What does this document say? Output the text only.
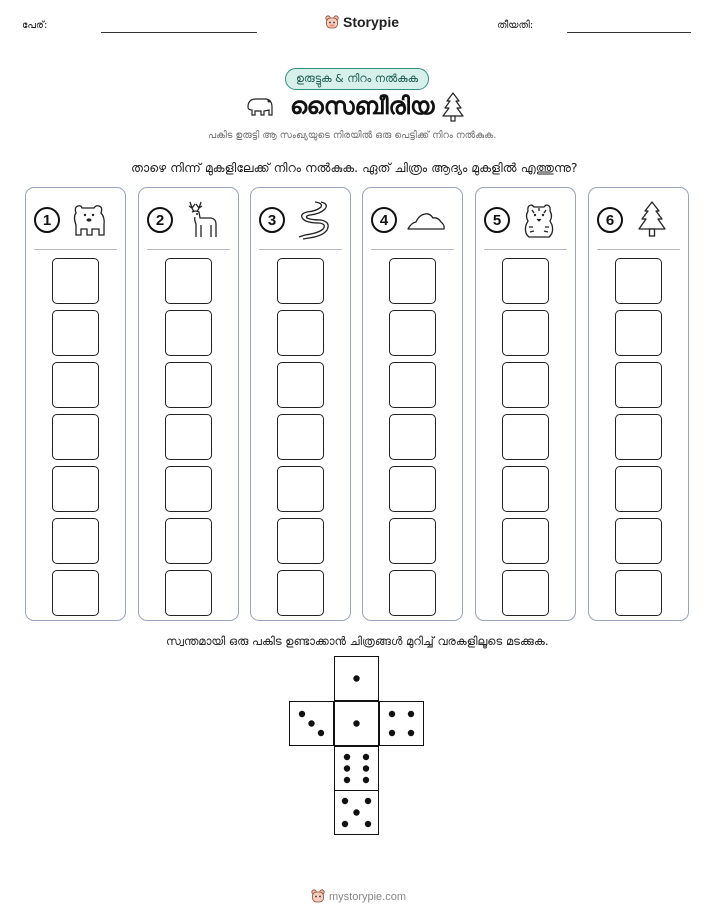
പേര്:	Storypie	തീയതി:
ഉരുട്ടുക & നിറം നൽകുക
സൈബീരിയ
പകിട ഉരുട്ടി ആ സംഖ്യയുടെ നിരയിൽ ഒരു പെട്ടിക്ക് നിറം നൽകുക.
താഴെ നിന്ന് മുകളിലേക്ക് നിറം നൽകുക. ഏത് ചിത്രം ആദ്യം മുകളിൽ എത്തുന്നു?
1	2	3	4	5	6
സ്വന്തമായി ഒരു പകിട ഉണ്ടാക്കാൻ ചിത്രങ്ങൾ മുറിച്ച് വരകളിലൂടെ മടക്കുക.
mystorypie.com
